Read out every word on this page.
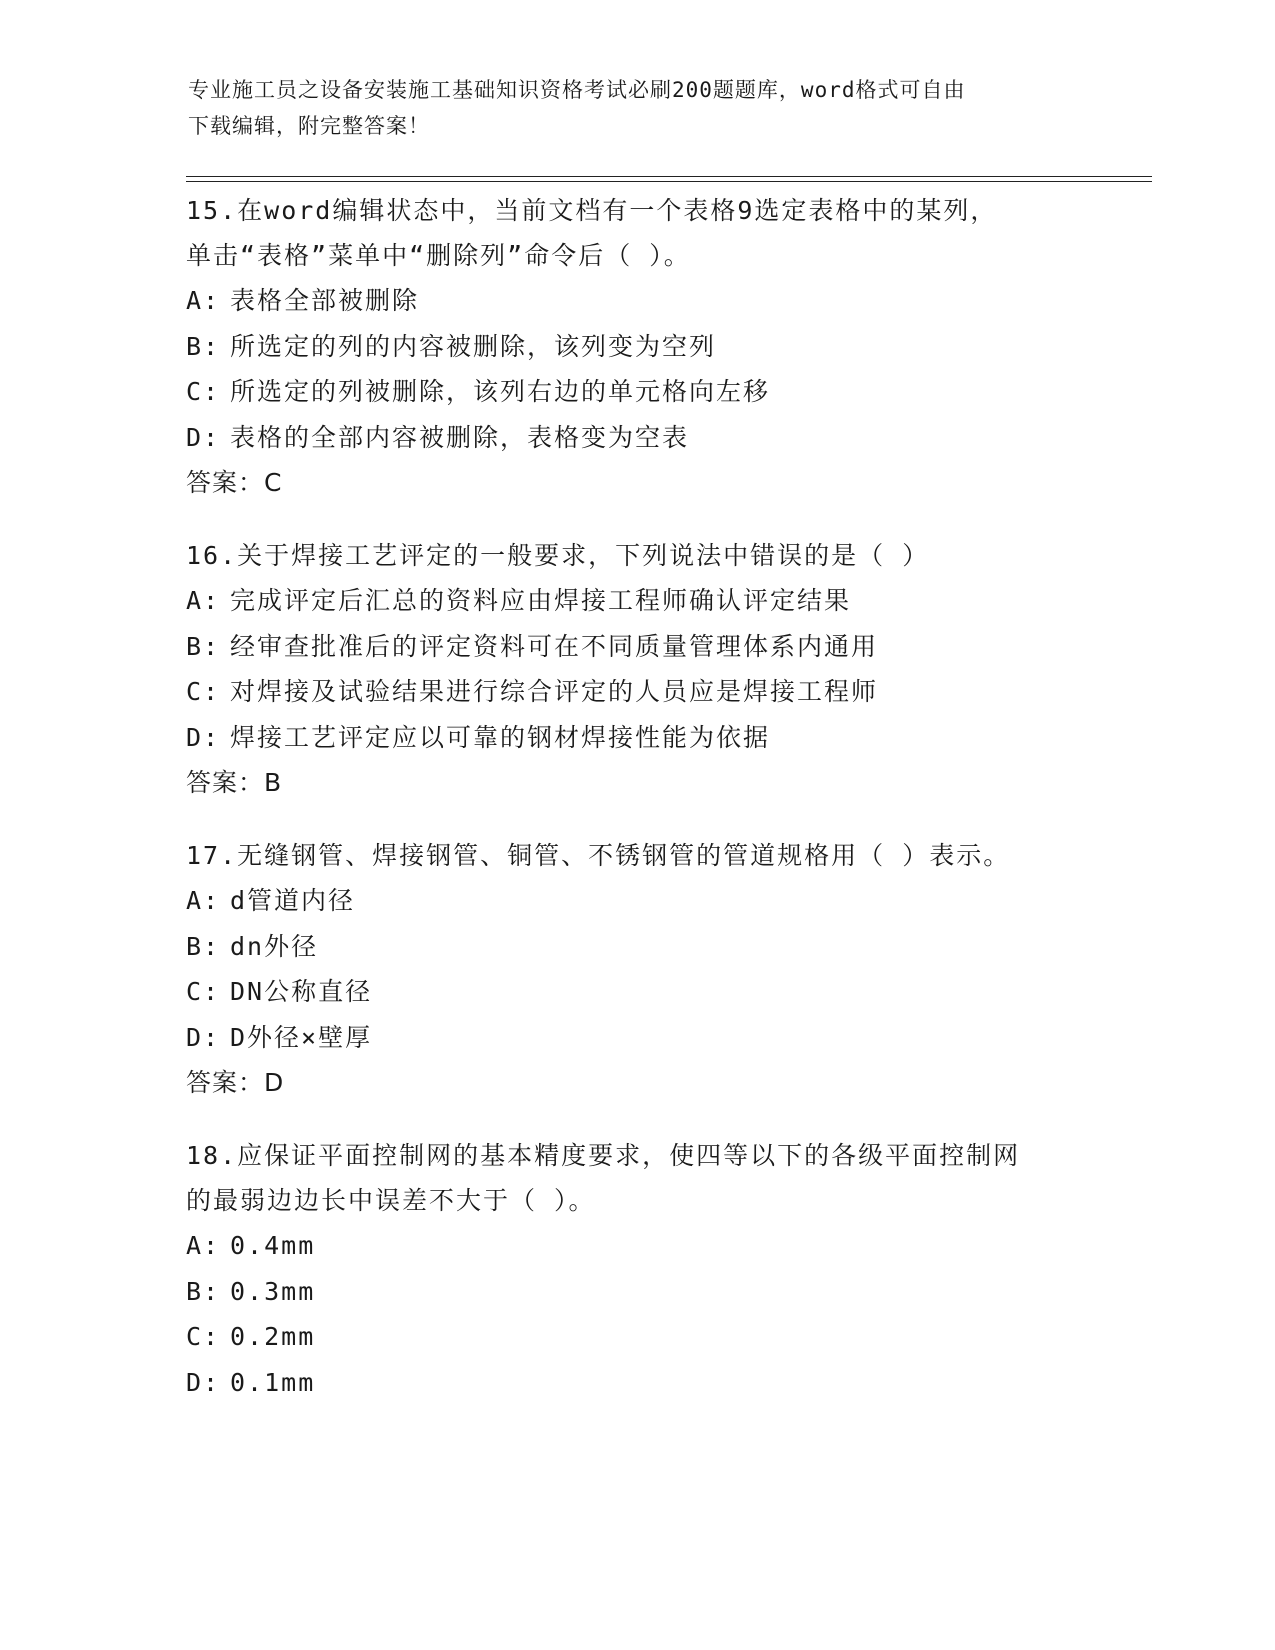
专业施工员之设备安装施工基础知识资格考试必刷200题题库，word格式可自由
下载编辑，附完整答案！
15.在word编辑状态中，当前文档有一个表格9选定表格中的某列，
单击“表格”菜单中“删除列”命令后（ ）。
A: 表格全部被删除
B: 所选定的列的内容被删除，该列变为空列
C: 所选定的列被删除，该列右边的单元格向左移
D: 表格的全部内容被删除，表格变为空表
答案：C
16.关于焊接工艺评定的一般要求，下列说法中错误的是（ ）
A: 完成评定后汇总的资料应由焊接工程师确认评定结果
B: 经审查批准后的评定资料可在不同质量管理体系内通用
C: 对焊接及试验结果进行综合评定的人员应是焊接工程师
D: 焊接工艺评定应以可靠的钢材焊接性能为依据
答案：B
17.无缝钢管、焊接钢管、铜管、不锈钢管的管道规格用（ ）表示。
A: d管道内径
B: dn外径
C: DN公称直径
D: D外径×壁厚
答案：D
18.应保证平面控制网的基本精度要求，使四等以下的各级平面控制网
的最弱边边长中误差不大于（ ）。
A: 0.4mm
B: 0.3mm
C: 0.2mm
D: 0.1mm
